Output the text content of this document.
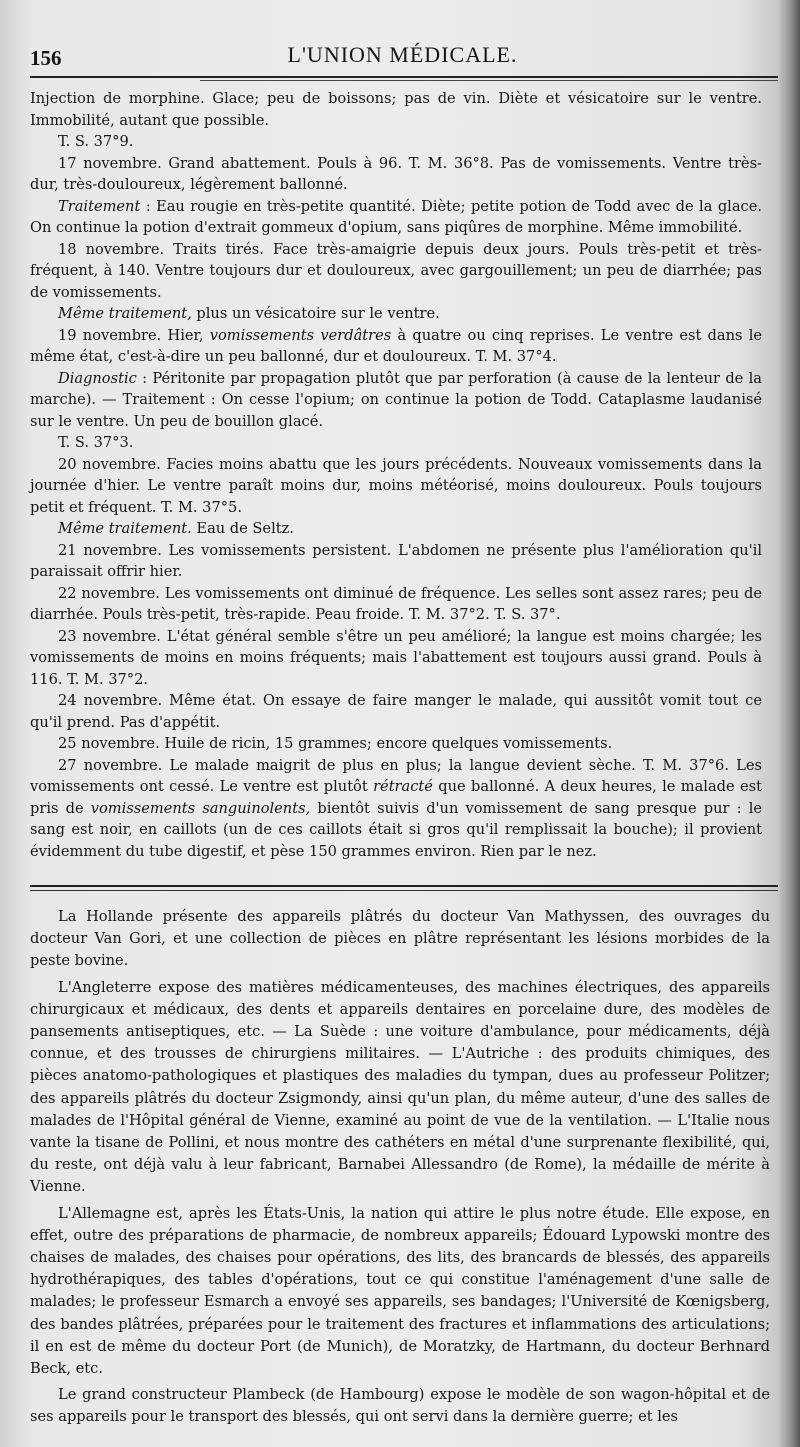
156	L'UNION MÉDICALE.

Injection de morphine. Glace; peu de boissons; pas de vin. Diète et vésicatoire sur le ventre. Immobilité, autant que possible.

T. S. 37°9.

17 novembre. Grand abattement. Pouls à 96. T. M. 36°8. Pas de vomissements. Ventre très-dur, très-douloureux, légèrement ballonné.

Traitement : Eau rougie en très-petite quantité. Diète; petite potion de Todd avec de la glace. On continue la potion d'extrait gommeux d'opium, sans piqûres de morphine. Même immobilité.

18 novembre. Traits tirés. Face très-amaigrie depuis deux jours. Pouls très-petit et très-fréquent, à 140. Ventre toujours dur et douloureux, avec gargouillement; un peu de diarrhée; pas de vomissements.

Même traitement, plus un vésicatoire sur le ventre.

19 novembre. Hier, vomissements verdâtres à quatre ou cinq reprises. Le ventre est dans le même état, c'est-à-dire un peu ballonné, dur et douloureux. T. M. 37°4.

Diagnostic : Péritonite par propagation plutôt que par perforation (à cause de la lenteur de la marche). — Traitement : On cesse l'opium; on continue la potion de Todd. Cataplasme laudanisé sur le ventre. Un peu de bouillon glacé.

T. S. 37°3.

20 novembre. Facies moins abattu que les jours précédents. Nouveaux vomissements dans la journée d'hier. Le ventre paraît moins dur, moins météorisé, moins douloureux. Pouls toujours petit et fréquent. T. M. 37°5.

Même traitement. Eau de Seltz.

21 novembre. Les vomissements persistent. L'abdomen ne présente plus l'amélioration qu'il paraissait offrir hier.

22 novembre. Les vomissements ont diminué de fréquence. Les selles sont assez rares; peu de diarrhée. Pouls très-petit, très-rapide. Peau froide. T. M. 37°2. T. S. 37°.

23 novembre. L'état général semble s'être un peu amélioré; la langue est moins chargée; les vomissements de moins en moins fréquents; mais l'abattement est toujours aussi grand. Pouls à 116. T. M. 37°2.

24 novembre. Même état. On essaye de faire manger le malade, qui aussitôt vomit tout ce qu'il prend. Pas d'appétit.

25 novembre. Huile de ricin, 15 grammes; encore quelques vomissements.

27 novembre. Le malade maigrit de plus en plus; la langue devient sèche. T. M. 37°6. Les vomissements ont cessé. Le ventre est plutôt rétracté que ballonné. A deux heures, le malade est pris de vomissements sanguinolents, bientôt suivis d'un vomissement de sang presque pur : le sang est noir, en caillots (un de ces caillots était si gros qu'il remplissait la bouche); il provient évidemment du tube digestif, et pèse 150 grammes environ. Rien par le nez.

La Hollande présente des appareils plâtrés du docteur Van Mathyssen, des ouvrages du docteur Van Gori, et une collection de pièces en plâtre représentant les lésions morbides de la peste bovine.

L'Angleterre expose des matières médicamenteuses, des machines électriques, des appareils chirurgicaux et médicaux, des dents et appareils dentaires en porcelaine dure, des modèles de pansements antiseptiques, etc. — La Suède : une voiture d'ambulance, pour médicaments, déjà connue, et des trousses de chirurgiens militaires. — L'Autriche : des produits chimiques, des pièces anatomo-pathologiques et plastiques des maladies du tympan, dues au professeur Politzer; des appareils plâtrés du docteur Zsigmondy, ainsi qu'un plan, du même auteur, d'une des salles de malades de l'Hôpital général de Vienne, examiné au point de vue de la ventilation. — L'Italie nous vante la tisane de Pollini, et nous montre des cathéters en métal d'une surprenante flexibilité, qui, du reste, ont déjà valu à leur fabricant, Barnabei Allessandro (de Rome), la médaille de mérite à Vienne.

L'Allemagne est, après les États-Unis, la nation qui attire le plus notre étude. Elle expose, en effet, outre des préparations de pharmacie, de nombreux appareils; Édouard Lypowski montre des chaises de malades, des chaises pour opérations, des lits, des brancards de blessés, des appareils hydrothérapiques, des tables d'opérations, tout ce qui constitue l'aménagement d'une salle de malades; le professeur Esmarch a envoyé ses appareils, ses bandages; l'Université de Kœnigsberg, des bandes plâtrées, préparées pour le traitement des fractures et inflammations des articulations; il en est de même du docteur Port (de Munich), de Moratzky, de Hartmann, du docteur Berhnard Beck, etc.

Le grand constructeur Plambeck (de Hambourg) expose le modèle de son wagon-hôpital et de ses appareils pour le transport des blessés, qui ont servi dans la dernière guerre; et les
